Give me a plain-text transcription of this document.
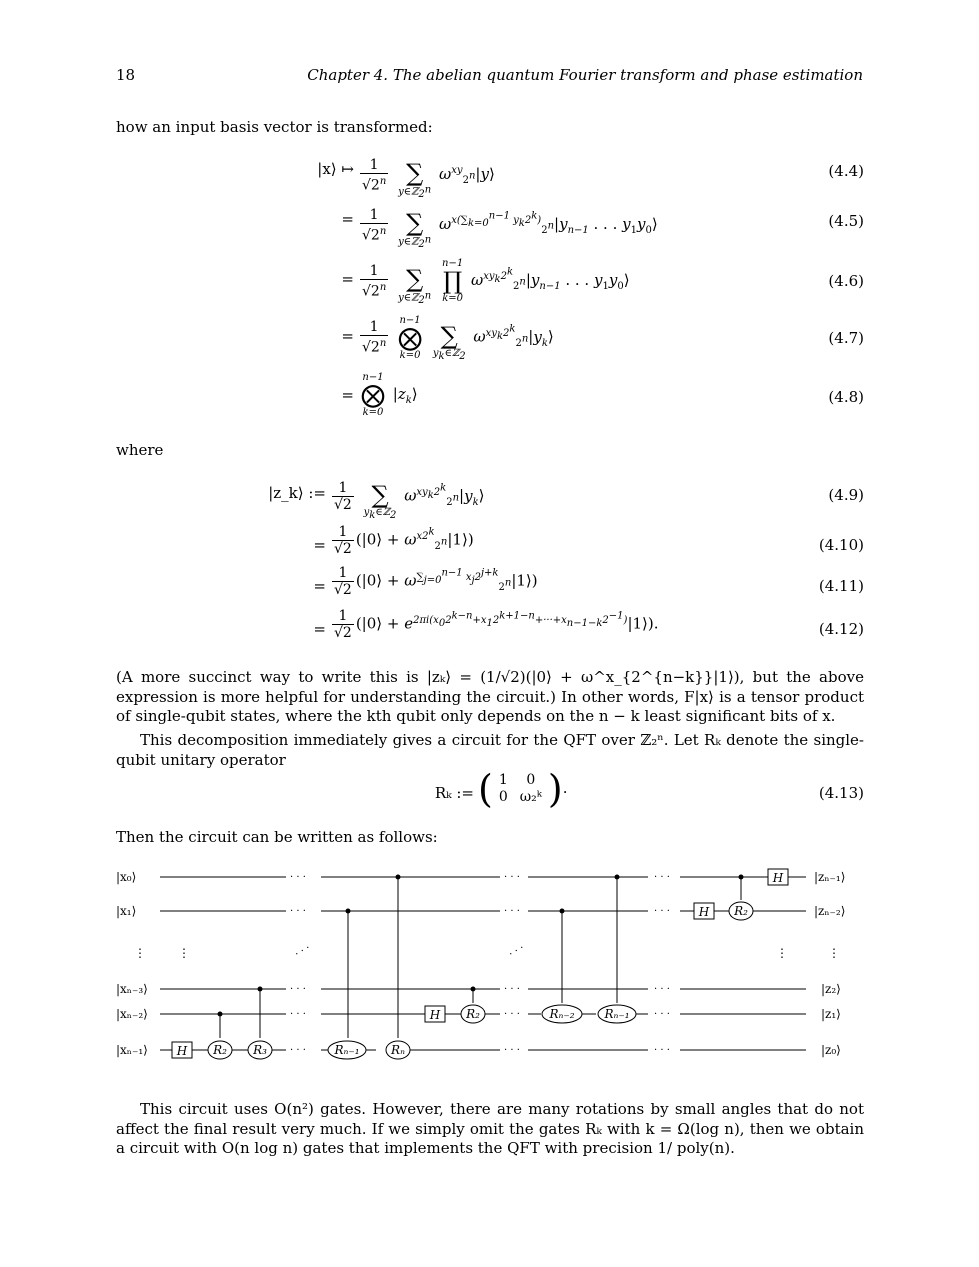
18	Chapter 4. The abelian quantum Fourier transform and phase estimation
how an input basis vector is transformed:
|x⟩ ↦ $\frac{1}{√2^n}$
∑
y∈ℤ$_{2^n}$
$\omega^{xy}_{2^n}|y⟩$	(4.4)
= $\frac{1}{√2^n}$
∑
y∈ℤ$_{2^n}$
$\omega^{x(\sum_{k=0}^{n-1} y_k2^k)}_{2^n}|y_{n-1}$ . . . $y_1y_0⟩$	(4.5)
= $\frac{1}{√2^n}$
∑
y∈ℤ$_{2^n}$

n−1
∏
k=0
$\omega^{xy_k2^k}_{2^n}|y_{n-1}$ . . . $y_1y_0⟩$	(4.6)
= $\frac{1}{√2^n}$
n−1
⨂
k=0

∑
$y_k\in ℤ_2$
$\omega^{xy_k2^k}_{2^n}|y_k⟩$	(4.7)
=
n−1
⨂
k=0
$|z_k⟩$	(4.8)
where
|z_k⟩ := $\frac{1}{√2}$
∑
$y_k\in ℤ_2$
$\omega^{xy_k2^k}_{2^n}|y_k⟩$	(4.9)
= $\frac{1}{√2}$ (|0⟩ + $\omega^{x2^k}_{2^n}|1⟩$)	(4.10)
= $\frac{1}{√2}$ (|0⟩ + $\omega^{\sum_{j=0}^{n-1} x_j2^{j+k}}_{2^n}|1⟩$)	(4.11)
= $\frac{1}{√2}$ (|0⟩ + $e^{2\pi i(x_02^{k-n}+x_12^{k+1-n}+\cdot\cdot\cdot+x_{n-1-k}2^{-1})}|1⟩$).	(4.12)
(A more succinct way to write this is |zₖ⟩ = (1/√2)(|0⟩ + ω^x_{2^{n−k}}|1⟩), but the above expression is more helpful for understanding the circuit.) In other words, F|x⟩ is a tensor product of single-qubit states, where the kth qubit only depends on the n − k least significant bits of x.
This decomposition immediately gives a circuit for the QFT over ℤ₂ⁿ. Let Rₖ denote the single-qubit unitary operator
Rₖ := ( 1	0
0	ω₂ᵏ ).	(4.13)
Then the circuit can be written as follows:
H R₂ R₃	Rₙ₋₁	Rₙ
H R₂	Rₙ₋₂ Rₙ₋₁
H R₂
H
|x₀⟩
|x₁⟩
⋮	⋮
|xₙ₋₃⟩
|xₙ₋₂⟩
|xₙ₋₁⟩
|zₙ₋₁⟩
|zₙ₋₂⟩
⋮	⋮
|z₂⟩
|z₁⟩
|z₀⟩
· · ·
· · ·
· · ·
· · ·
· · ·
· · ·
· · ·
· · ·
· · ·
· · ·
· · ·
· · ·
· · ·
· · ·
· · ·
· · ·	· · ·
This circuit uses O(n²) gates. However, there are many rotations by small angles that do not affect the final result very much. If we simply omit the gates Rₖ with k = Ω(log n), then we obtain a circuit with O(n log n) gates that implements the QFT with precision 1/ poly(n).
